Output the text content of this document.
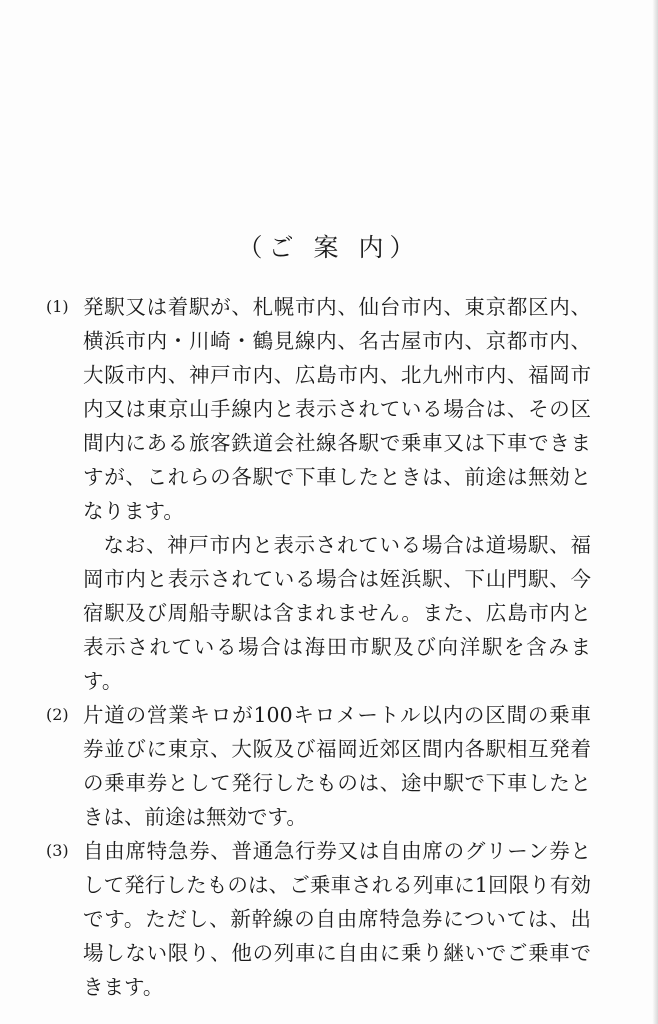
（ご 案 内）
(1) 発駅又は着駅が、札幌市内、仙台市内、東京都区内、横浜市内・川崎・鶴見線内、名古屋市内、京都市内、大阪市内、神戸市内、広島市内、北九州市内、福岡市内又は東京山手線内と表示されている場合は、その区間内にある旅客鉄道会社線各駅で乗車又は下車できますが、これらの各駅で下車したときは、前途は無効となります。

なお、神戸市内と表示されている場合は道場駅、福岡市内と表示されている場合は姪浜駅、下山門駅、今宿駅及び周船寺駅は含まれません。また、広島市内と表示されている場合は海田市駅及び向洋駅を含みます。

(2) 片道の営業キロが100キロメートル以内の区間の乗車券並びに東京、大阪及び福岡近郊区間内各駅相互発着の乗車券として発行したものは、途中駅で下車したときは、前途は無効です。

(3) 自由席特急券、普通急行券又は自由席のグリーン券として発行したものは、ご乗車される列車に1回限り有効です。ただし、新幹線の自由席特急券については、出場しない限り、他の列車に自由に乗り継いでご乗車できます。
